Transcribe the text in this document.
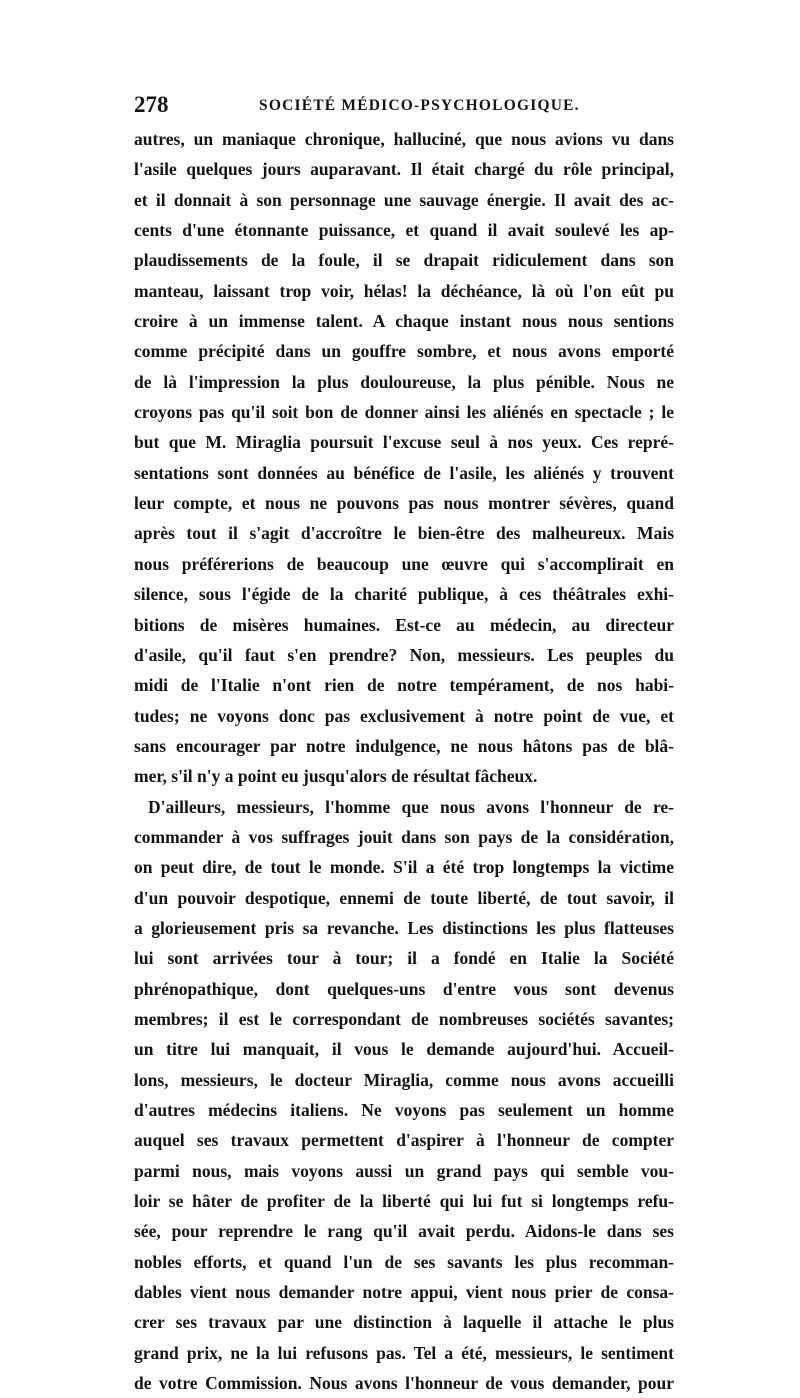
278	SOCIÉTÉ MÉDICO-PSYCHOLOGIQUE.
autres, un maniaque chronique, halluciné, que nous avions vu dans
l'asile quelques jours auparavant. Il était chargé du rôle principal,
et il donnait à son personnage une sauvage énergie. Il avait des ac-
cents d'une étonnante puissance, et quand il avait soulevé les ap-
plaudissements de la foule, il se drapait ridiculement dans son
manteau, laissant trop voir, hélas! la déchéance, là où l'on eût pu
croire à un immense talent. A chaque instant nous nous sentions
comme précipité dans un gouffre sombre, et nous avons emporté
de là l'impression la plus douloureuse, la plus pénible. Nous ne
croyons pas qu'il soit bon de donner ainsi les aliénés en spectacle ; le
but que M. Miraglia poursuit l'excuse seul à nos yeux. Ces repré-
sentations sont données au bénéfice de l'asile, les aliénés y trouvent
leur compte, et nous ne pouvons pas nous montrer sévères, quand
après tout il s'agit d'accroître le bien-être des malheureux. Mais
nous préférerions de beaucoup une œuvre qui s'accomplirait en
silence, sous l'égide de la charité publique, à ces théâtrales exhi-
bitions de misères humaines. Est-ce au médecin, au directeur
d'asile, qu'il faut s'en prendre? Non, messieurs. Les peuples du
midi de l'Italie n'ont rien de notre tempérament, de nos habi-
tudes; ne voyons donc pas exclusivement à notre point de vue, et
sans encourager par notre indulgence, ne nous hâtons pas de blâ-
mer, s'il n'y a point eu jusqu'alors de résultat fâcheux.
D'ailleurs, messieurs, l'homme que nous avons l'honneur de re-
commander à vos suffrages jouit dans son pays de la considération,
on peut dire, de tout le monde. S'il a été trop longtemps la victime
d'un pouvoir despotique, ennemi de toute liberté, de tout savoir, il
a glorieusement pris sa revanche. Les distinctions les plus flatteuses
lui sont arrivées tour à tour; il a fondé en Italie la Société
phrénopathique, dont quelques-uns d'entre vous sont devenus
membres; il est le correspondant de nombreuses sociétés savantes;
un titre lui manquait, il vous le demande aujourd'hui. Accueil-
lons, messieurs, le docteur Miraglia, comme nous avons accueilli
d'autres médecins italiens. Ne voyons pas seulement un homme
auquel ses travaux permettent d'aspirer à l'honneur de compter
parmi nous, mais voyons aussi un grand pays qui semble vou-
loir se hâter de profiter de la liberté qui lui fut si longtemps refu-
sée, pour reprendre le rang qu'il avait perdu. Aidons-le dans ses
nobles efforts, et quand l'un de ses savants les plus recomman-
dables vient nous demander notre appui, vient nous prier de consa-
crer ses travaux par une distinction à laquelle il attache le plus
grand prix, ne la lui refusons pas. Tel a été, messieurs, le sentiment
de votre Commission. Nous avons l'honneur de vous demander, pour
